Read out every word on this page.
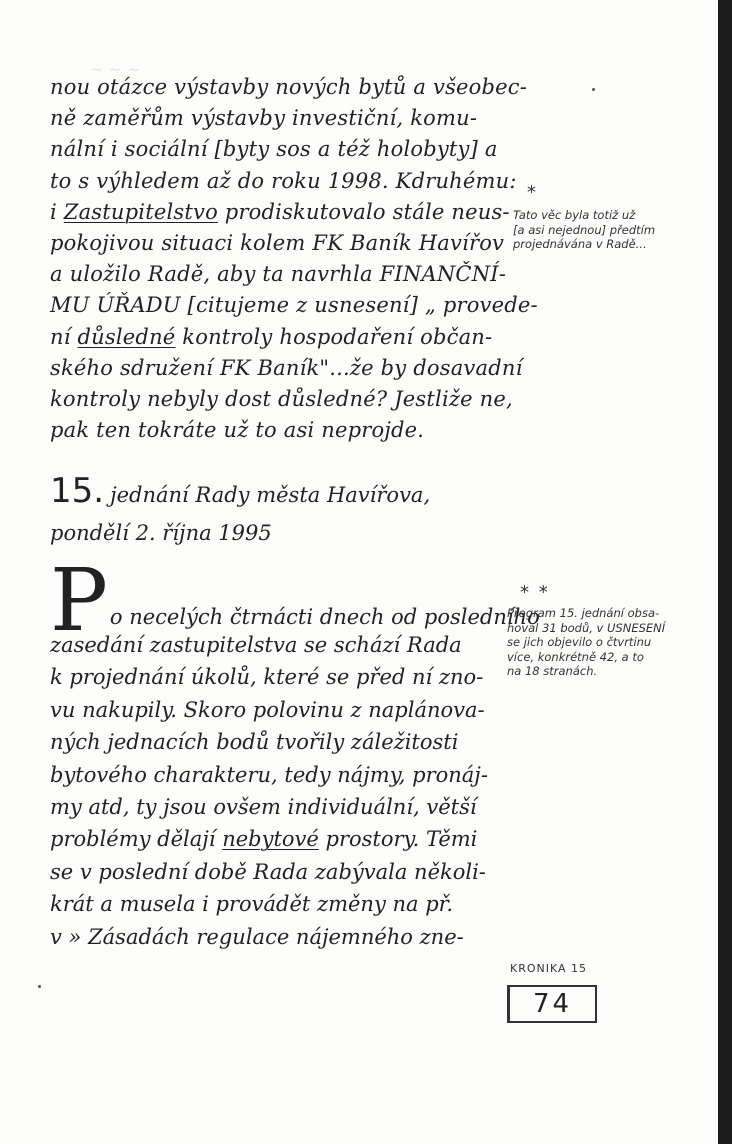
~ ~ ~
nou otázce výstavby nových bytů a všeobec-
ně zaměřům výstavby investiční, komu-
nální i sociální [byty sos a též holobyty] a
to s výhledem až do roku 1998. Kdruhému:
i Zastupitelstvo prodiskutovalo stále neus-
pokojivou situaci kolem FK Baník Havířov
a uložilo Radě, aby ta navrhla FINANČNÍ-
MU ÚŘADU [citujeme z usnesení] „ provede-
ní důsledné kontroly hospodaření občan-
ského sdružení FK Baník"...že by dosavadní
kontroly nebyly dost důsledné? Jestliže ne,
pak ten tokráte už to asi neprojde.
15. jednání Rady města Havířova,
pondělí 2. října 1995
Po necelých čtrnácti dnech od posledního
zasedání zastupitelstva se schází Rada
k projednání úkolů, které se před ní zno-
vu nakupily. Skoro polovinu z naplánova-
ných jednacích bodů tvořily záležitosti
bytového charakteru, tedy nájmy, pronáj-
my atd, ty jsou ovšem individuální, větší
problémy dělají nebytové prostory. Těmi
se v poslední době Rada zabývala několi-
krát a musela i provádět změny na př.
v » Zásadách regulace nájemného zne-
*
Tato věc byla totiž už
[a asi nejednou] předtím
projednávána v Radě...
* *
Program 15. jednání obsa-
hoval 31 bodů, v USNESENÍ
se jich objevilo o čtvrtinu
více, konkrétně 42, a to
na 18 stranách.
KRONIKA 15
74
